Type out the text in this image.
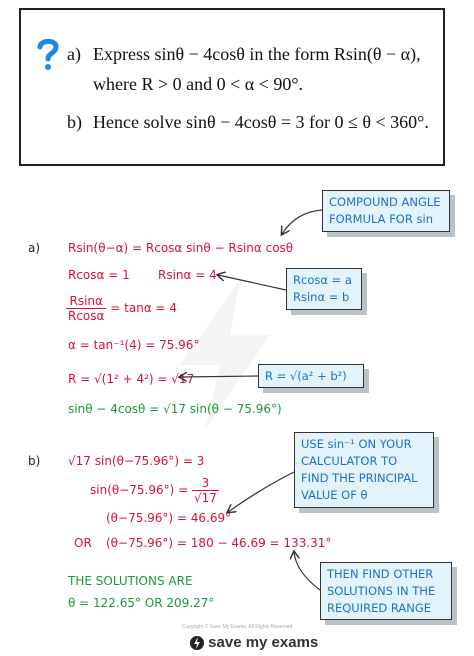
a) Express sinθ − 4cosθ in the form Rsin(θ − α),
where R > 0 and 0 < α < 90°.
b) Hence solve sinθ − 4cosθ = 3 for 0 ≤ θ < 360°.
a) Rsin(θ−α) = Rcosα sinθ − Rsinα cosθ
Rcosα = 1 Rsinα = 4
$\frac{Rsin\alpha}{Rcos\alpha} = \tan\alpha = 4$
α = tan⁻¹(4) = 75.96°
R = √(1² + 4²) = √17
sinθ − 4cosθ = √17 sin(θ − 75.96°)
b) √17 sin(θ−75.96°) = 3
$\sin(\theta-75.96^\circ) = \frac{3}{√17}$
(θ−75.96°) = 46.69°
OR (θ−75.96°) = 180 − 46.69 = 133.31°
THE SOLUTIONS ARE
θ = 122.65° OR 209.27°
COMPOUND ANGLE
FORMULA FOR sin
Rcosα = a
Rsinα = b
R = √(a² + b²)
USE sin⁻¹ ON YOUR
CALCULATOR TO
FIND THE PRINCIPAL
VALUE OF θ
THEN FIND OTHER
SOLUTIONS IN THE
REQUIRED RANGE
Copyright © Save My Exams. All Rights Reserved
save my exams
